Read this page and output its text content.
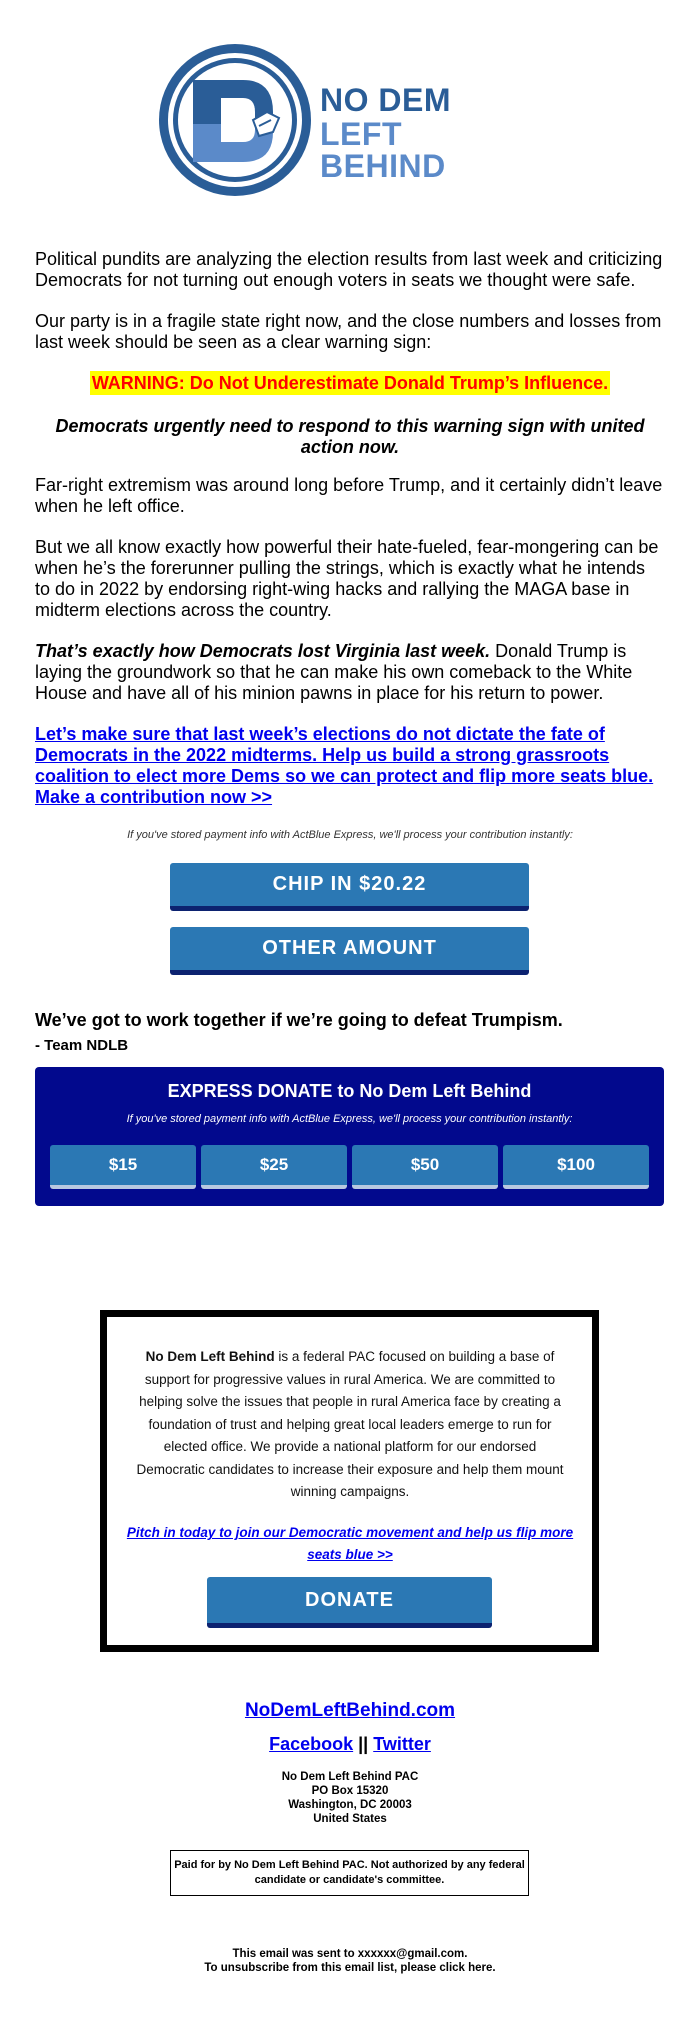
NO DEM
LEFT BEHIND

Political pundits are analyzing the election results from last week and criticizing Democrats for not turning out enough voters in seats we thought were safe.

Our party is in a fragile state right now, and the close numbers and losses from last week should be seen as a clear warning sign:

WARNING: Do Not Underestimate Donald Trump’s Influence.
Democrats urgently need to respond to this warning sign with united action now.

Far-right extremism was around long before Trump, and it certainly didn’t leave when he left office.

But we all know exactly how powerful their hate-fueled, fear-mongering can be when he’s the forerunner pulling the strings, which is exactly what he intends to do in 2022 by endorsing right-wing hacks and rallying the MAGA base in midterm elections across the country.

That’s exactly how Democrats lost Virginia last week. Donald Trump is laying the groundwork so that he can make his own comeback to the White House and have all of his minion pawns in place for his return to power.

Let’s make sure that last week’s elections do not dictate the fate of Democrats in the 2022 midterms. Help us build a strong grassroots coalition to elect more Dems so we can protect and flip more seats blue. Make a contribution now >>
If you've stored payment info with ActBlue Express, we'll process your contribution instantly:
CHIP IN $20.22
OTHER AMOUNT
We’ve got to work together if we’re going to defeat Trumpism.
- Team NDLB
EXPRESS DONATE to No Dem Left Behind
If you've stored payment info with ActBlue Express, we'll process your contribution instantly:
$15	$25	$50	$100
No Dem Left Behind is a federal PAC focused on building a base of support for progressive values in rural America. We are committed to helping solve the issues that people in rural America face by creating a foundation of trust and helping great local leaders emerge to run for elected office. We provide a national platform for our endorsed Democratic candidates to increase their exposure and help them mount winning campaigns.
Pitch in today to join our Democratic movement and help us flip more seats blue >>
DONATE
NoDemLeftBehind.com
Facebook || Twitter
No Dem Left Behind PAC
PO Box 15320
Washington, DC 20003
United States
Paid for by No Dem Left Behind PAC. Not authorized by any federal candidate or candidate's committee.
This email was sent to xxxxxx@gmail.com.
To unsubscribe from this email list, please click here.
